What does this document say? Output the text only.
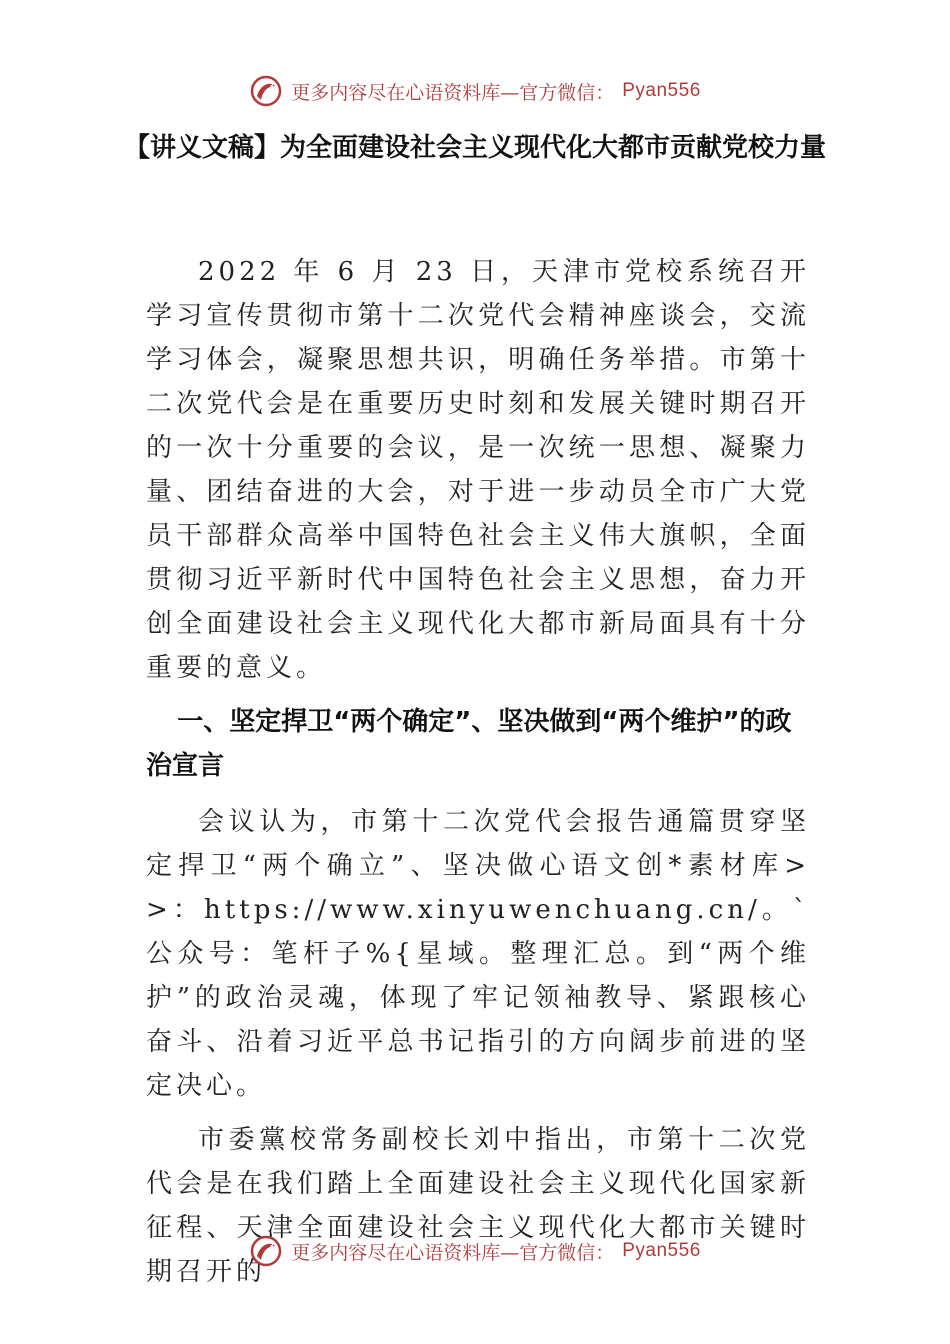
更多内容尽在心语资料库—官方微信： Pyan556
【讲义文稿】为全面建设社会主义现代化大都市贡献党校力量

2022 年 6 月 23 日，天津市党校系统召开学习宣传贯彻市第十二次党代会精神座谈会，交流学习体会，凝聚思想共识，明确任务举措。市第十二次党代会是在重要历史时刻和发展关键时期召开的一次十分重要的会议，是一次统一思想、凝聚力量、团结奋进的大会，对于进一步动员全市广大党员干部群众高举中国特色社会主义伟大旗帜，全面贯彻习近平新时代中国特色社会主义思想，奋力开创全面建设社会主义现代化大都市新局面具有十分重要的意义。

一、坚定捍卫“两个确定”、坚决做到“两个维护”的政治宣言

会议认为，市第十二次党代会报告通篇贯穿坚定捍卫“两个确立”、坚决做心语文创*素材库>>：https://www.xinyuwenchuang.cn/。`公众号：笔杆子%{星域。整理汇总。到“两个维护”的政治灵魂，体现了牢记领袖教导、紧跟核心奋斗、沿着习近平总书记指引的方向阔步前进的坚定决心。

市委黨校常务副校长刘中指出，市第十二次党代会是在我们踏上全面建设社会主义现代化国家新征程、天津全面建设社会主义现代化大都市关键时期召开的

更多内容尽在心语资料库—官方微信： Pyan556
